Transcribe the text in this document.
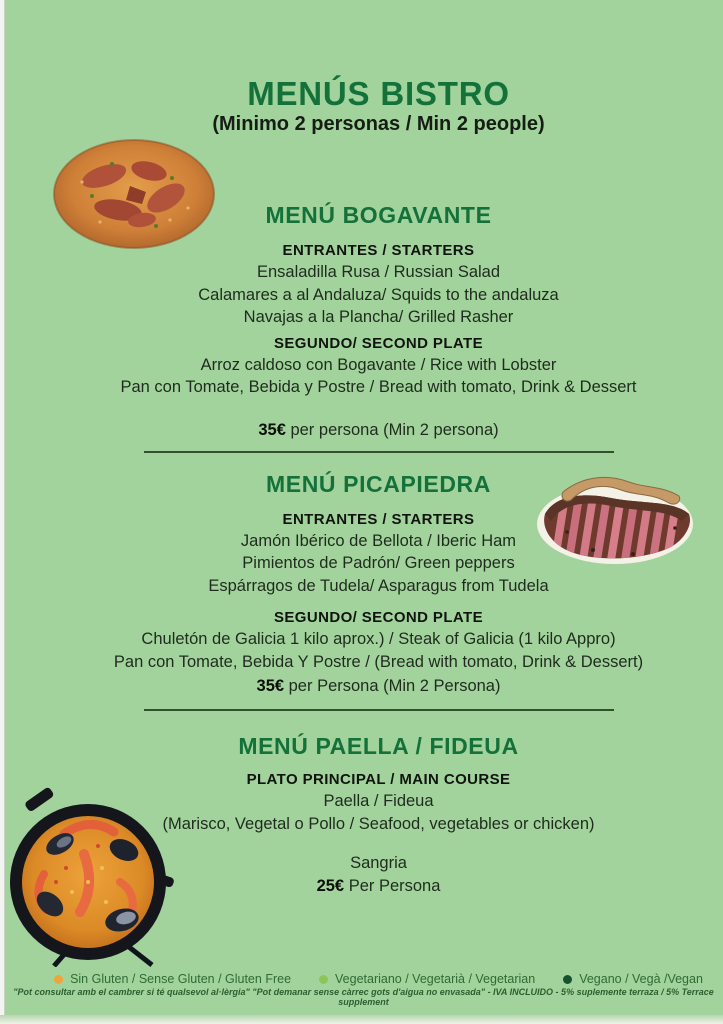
MENÚS BISTRO
(Minimo 2 personas / Min 2 people)
MENÚ BOGAVANTE
ENTRANTES / STARTERS
Ensaladilla Rusa / Russian Salad
Calamares a al Andaluza/ Squids to the andaluza
Navajas a la Plancha/ Grilled Rasher
SEGUNDO/ SECOND PLATE
Arroz caldoso con Bogavante / Rice with Lobster
Pan con Tomate, Bebida y Postre / Bread with tomato, Drink & Dessert

35€ per persona (Min 2 persona)

MENÚ PICAPIEDRA
ENTRANTES / STARTERS
Jamón Ibérico de Bellota / Iberic Ham
Pimientos de Padrón/ Green peppers
Espárragos de Tudela/ Asparagus from Tudela
SEGUNDO/ SECOND PLATE
Chuletón de Galicia 1 kilo aprox.) / Steak of Galicia (1 kilo Appro)
Pan con Tomate, Bebida Y Postre / (Bread with tomato, Drink & Dessert)

35€ per Persona (Min 2 Persona)

MENÚ PAELLA / FIDEUA
PLATO PRINCIPAL / MAIN COURSE
Paella / Fideua
(Marisco, Vegetal o Pollo / Seafood, vegetables or chicken)
Sangria

25€ Per Persona

Sin Gluten / Sense Gluten / Gluten Free	Vegetariano / Vegetarià / Vegetarian	Vegano / Vegà /Vegan
"Pot consultar amb el cambrer si té qualsevol al·lèrgia" "Pot demanar sense càrrec gots d'aigua no envasada" - IVA INCLUIDO - 5% suplemente terraza / 5% Terrace supplement
